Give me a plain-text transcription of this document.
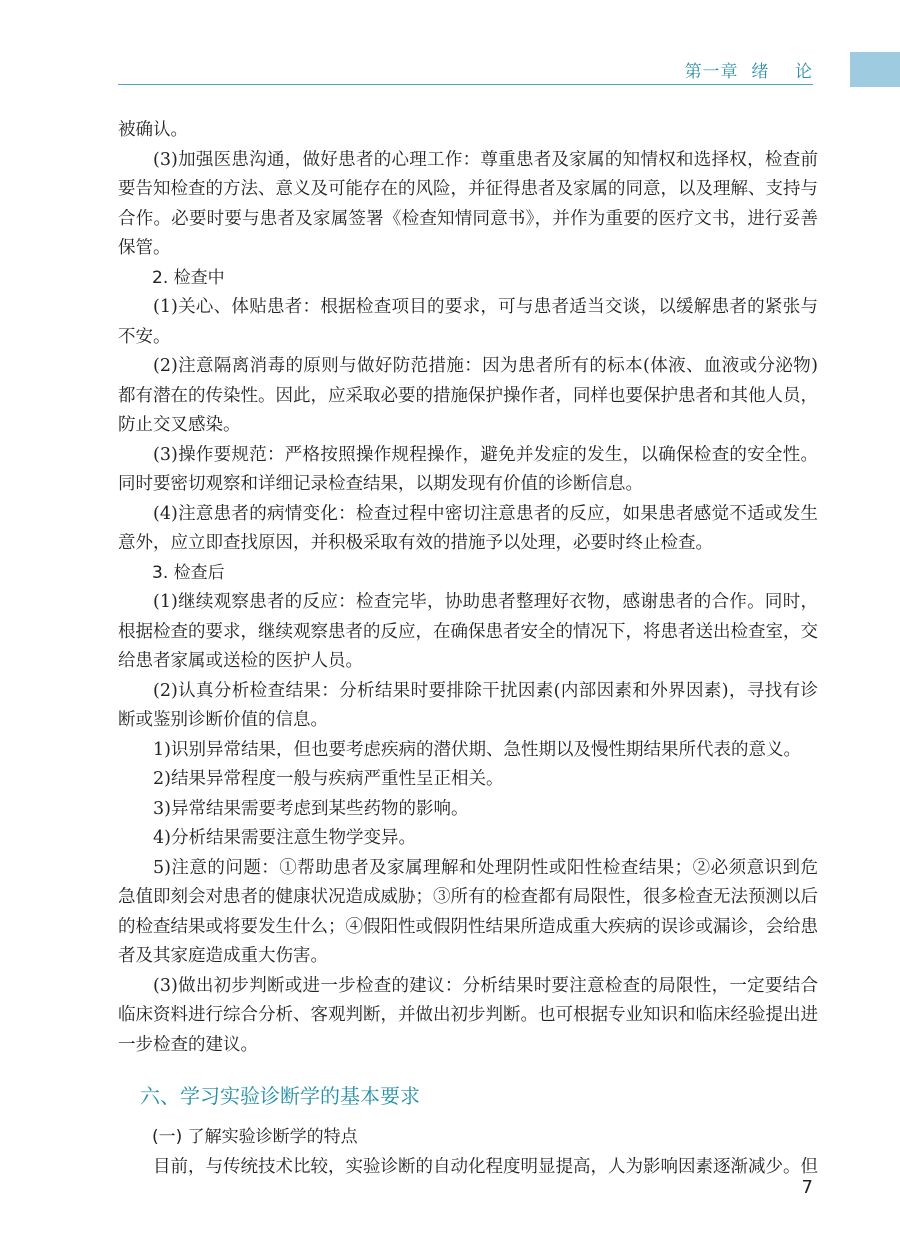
第一章  绪    论

被确认。

(3)加强医患沟通，做好患者的心理工作：尊重患者及家属的知情权和选择权，检查前要告知检查的方法、意义及可能存在的风险，并征得患者及家属的同意，以及理解、支持与合作。必要时要与患者及家属签署《检查知情同意书》，并作为重要的医疗文书，进行妥善保管。

2. 检查中

(1)关心、体贴患者：根据检查项目的要求，可与患者适当交谈，以缓解患者的紧张与不安。

(2)注意隔离消毒的原则与做好防范措施：因为患者所有的标本(体液、血液或分泌物)都有潜在的传染性。因此，应采取必要的措施保护操作者，同样也要保护患者和其他人员，防止交叉感染。

(3)操作要规范：严格按照操作规程操作，避免并发症的发生，以确保检查的安全性。同时要密切观察和详细记录检查结果，以期发现有价值的诊断信息。

(4)注意患者的病情变化：检查过程中密切注意患者的反应，如果患者感觉不适或发生意外，应立即查找原因，并积极采取有效的措施予以处理，必要时终止检查。

3. 检查后

(1)继续观察患者的反应：检查完毕，协助患者整理好衣物，感谢患者的合作。同时，根据检查的要求，继续观察患者的反应，在确保患者安全的情况下，将患者送出检查室，交给患者家属或送检的医护人员。

(2)认真分析检查结果：分析结果时要排除干扰因素(内部因素和外界因素)，寻找有诊断或鉴别诊断价值的信息。

1)识别异常结果，但也要考虑疾病的潜伏期、急性期以及慢性期结果所代表的意义。

2)结果异常程度一般与疾病严重性呈正相关。

3)异常结果需要考虑到某些药物的影响。

4)分析结果需要注意生物学变异。

5)注意的问题：①帮助患者及家属理解和处理阴性或阳性检查结果；②必须意识到危急值即刻会对患者的健康状况造成威胁；③所有的检查都有局限性，很多检查无法预测以后的检查结果或将要发生什么；④假阳性或假阴性结果所造成重大疾病的误诊或漏诊，会给患者及其家庭造成重大伤害。

(3)做出初步判断或进一步检查的建议：分析结果时要注意检查的局限性，一定要结合临床资料进行综合分析、客观判断，并做出初步判断。也可根据专业知识和临床经验提出进一步检查的建议。

六、学习实验诊断学的基本要求

(一) 了解实验诊断学的特点

目前，与传统技术比较，实验诊断的自动化程度明显提高，人为影响因素逐渐减少。但

7
